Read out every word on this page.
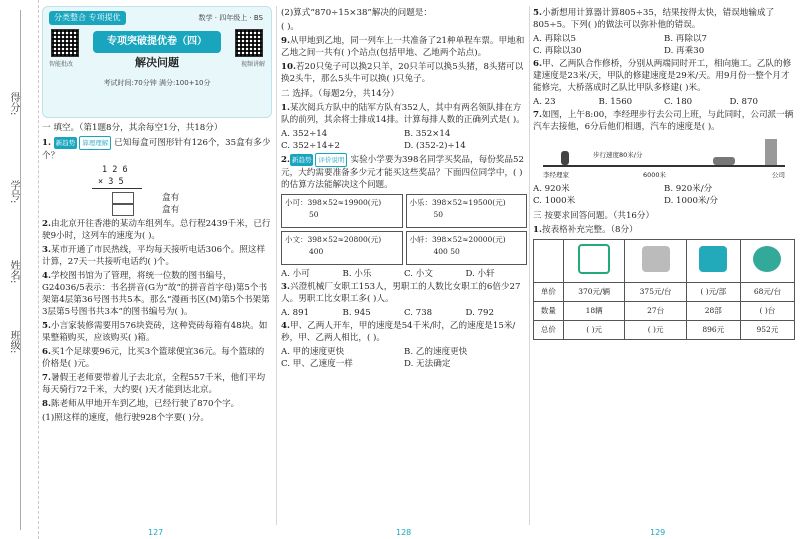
得分:
学号:
姓名:
班级:
分类整合 专项提优	数学 · 四年级上 · BS
智能批改	视频讲解
专项突破提优卷（四）
解决问题
考试时间:70分钟 满分:100+10分
一 填空。（第1题8分，其余每空1分，共18分）
1. 新趋势 算理理解 已知每盒可图形针有126个，35盒有多少个？
1 2 6
× 3 5
盒有
盒有
2.由北京开往香港的某动车组列车。总行程2439千米，已行驶9小时，这列车的速度为( )。
3.某市开通了市民热线，平均每天接听电话306个。照这样计算，27天一共接听电话约( )个。
4.学校图书馆为了管理，将统一位数的图书编号，G24036/5表示：书名拼音(G为“故”的拼音首字母)第5个书架第4层第36号图书共5本。那么“漫画书区(M)第5个书架第3层第5号图书共3本”的图书编号为( )。
5.小言家装修需要用576块瓷砖，这种瓷砖每箱有48块。如果整箱购买，应该购买( )箱。
6.买1个足球要96元，比买3个篮球便宜36元。每个篮球的价格是( )元。
7.暑假王老师要带着儿子去北京，全程557千米，他们平均每天骑行72千米，大约要( )天才能到达北京。
8.陈老师从甲地开车到乙地，已经行驶了870个字。
(1)照这样的速度，他行驶928个字要( )分。
(2)算式“870÷15×38”解决的问题是：
( )。
9.从甲地到乙地，同一列车上一共准备了21种单程车票。甲地和乙地之间一共有( )个站点(包括甲地、乙地两个站点)。
10.若20只兔子可以换2只羊，20只羊可以换5头猪，8头猪可以换2头牛，那么5头牛可以换( )只兔子。
二 选择。（每题2分，共14分）
1.某次阅兵方队中的陆军方队有352人，其中有两名领队排在方队的前列，其余将士排成14排。计算每排人数的正确列式是( )。
A. 352÷14	B. 352×14
C. 352÷14+2	D. (352-2)÷14
2. 新趋势 评价说明 实验小学要为398名同学买奖品，每份奖品52元，大约需要准备多少元才能买这些奖品？下面四位同学中，( )的估算方法能解决这个问题。
小可：398×52≈19900(元)
50
小乐：398×52≈19500(元)
50
小文：398×52≈20800(元)
400
小轩：398×52≈20000(元)
400 50
A. 小可	B. 小乐	C. 小文	D. 小轩
3.兴澄机械厂女职工153人，男职工的人数比女职工的6倍少27人。男职工比女职工多( )人。
A. 891	B. 945	C. 738	D. 792
4.甲、乙两人开车，甲的速度是54千米/时，乙的速度是15米/秒，甲、乙两人相比，( )。
A. 甲的速度更快	B. 乙的速度更快
C. 甲、乙速度一样	D. 无法确定
5.小新想用计算器计算805÷35，结果按得太快，错误地输成了805÷5。下列( )的做法可以弥补他的错误。
A. 再除以5	B. 再除以7
C. 再除以30	D. 再乘30
6.甲、乙两队合作修桥，分别从两端同时开工，相向施工。乙队的修建速度是23米/天，甲队的修建速度是29米/天。用9月份一整个月才能修完，大桥落成时乙队比甲队多修建( )米。
A. 23	B. 1560	C. 180	D. 870
7.如图，上午8:00，李经理步行去公司上班，与此同时，公司派一辆汽车去接他，6分后他们相遇，汽车的速度是( )。
步行速度80米/分
6000米
李经理家	公司
A. 920米	B. 920米/分
C. 1000米	D. 1000米/分
三 按要求回答问题。（共16分）
1.按表格补充完整。（8分）

单价	370元/辆	375元/台	( )元/部	68元/台
数量	18辆	27台	28部	( )台
总价	( )元	( )元	896元	952元
127	128	129
